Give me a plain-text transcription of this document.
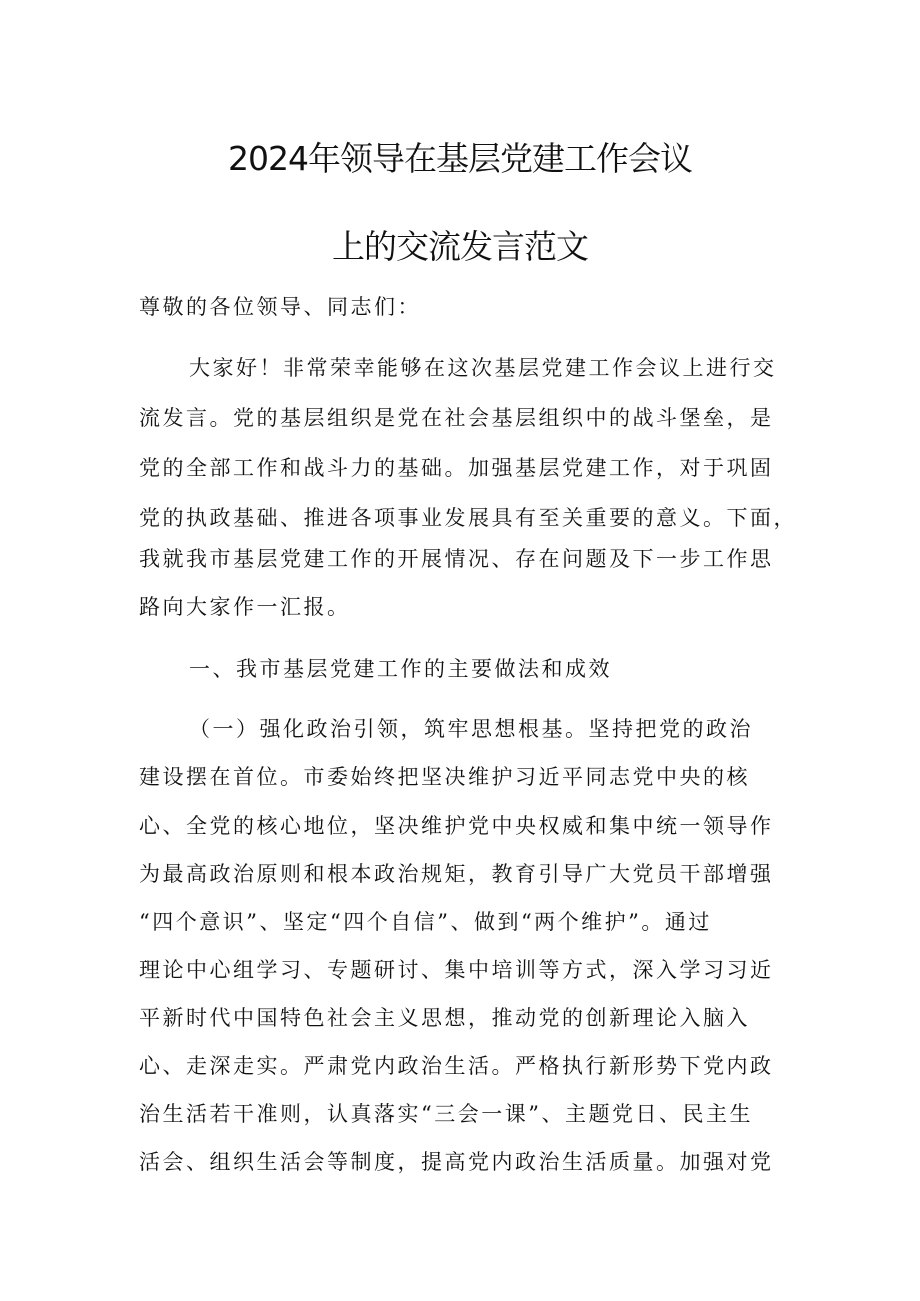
2024年领导在基层党建工作会议
上的交流发言范文
尊敬的各位领导、同志们：
大家好！非常荣幸能够在这次基层党建工作会议上进行交
流发言。党的基层组织是党在社会基层组织中的战斗堡垒，是
党的全部工作和战斗力的基础。加强基层党建工作，对于巩固
党的执政基础、推进各项事业发展具有至关重要的意义。下面，
我就我市基层党建工作的开展情况、存在问题及下一步工作思
路向大家作一汇报。
一、我市基层党建工作的主要做法和成效
（一）强化政治引领，筑牢思想根基。坚持把党的政治
建设摆在首位。市委始终把坚决维护习近平同志党中央的核
心、全党的核心地位，坚决维护党中央权威和集中统一领导作
为最高政治原则和根本政治规矩，教育引导广大党员干部增强
“四个意识”、坚定“四个自信”、做到“两个维护”。通过
理论中心组学习、专题研讨、集中培训等方式，深入学习习近
平新时代中国特色社会主义思想，推动党的创新理论入脑入
心、走深走实。严肃党内政治生活。严格执行新形势下党内政
治生活若干准则，认真落实“三会一课”、主题党日、民主生
活会、组织生活会等制度，提高党内政治生活质量。加强对党
